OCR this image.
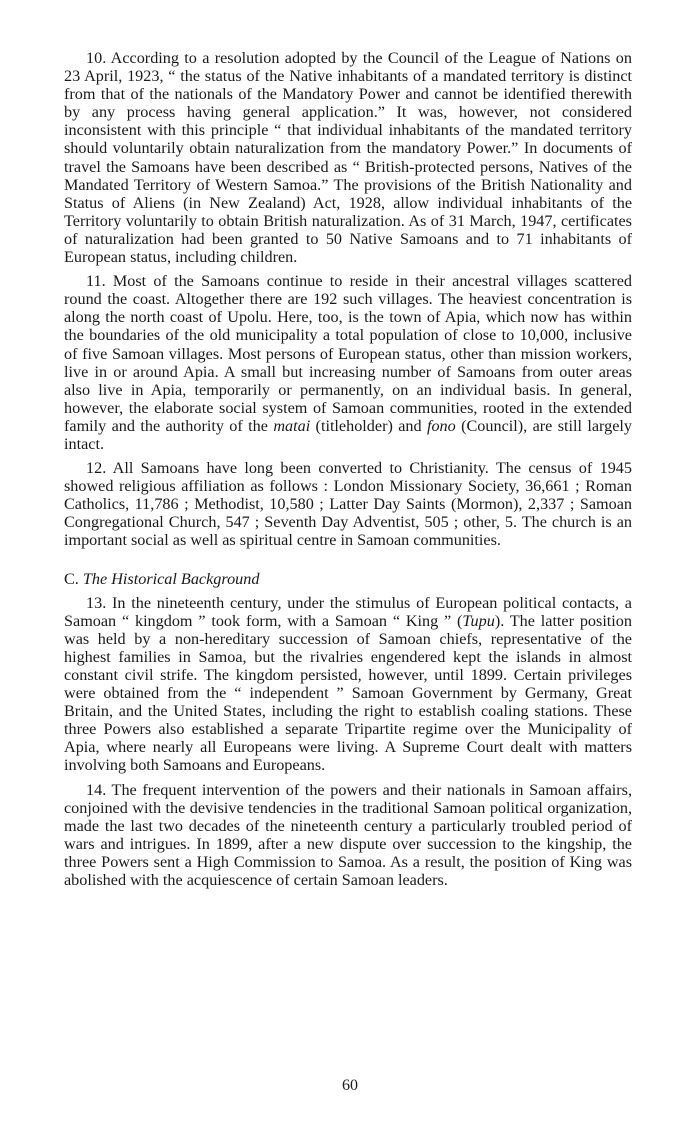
10. According to a resolution adopted by the Council of the League of Nations on 23 April, 1923, “ the status of the Native inhabitants of a mandated territory is distinct from that of the nationals of the Mandatory Power and cannot be identified therewith by any process having general application.” It was, however, not considered inconsistent with this principle “ that individual inhabitants of the mandated territory should voluntarily obtain naturalization from the mandatory Power.” In documents of travel the Samoans have been described as “ British-protected persons, Natives of the Mandated Territory of Western Samoa.” The provisions of the British Nationality and Status of Aliens (in New Zealand) Act, 1928, allow individual inhabitants of the Territory voluntarily to obtain British naturalization. As of 31 March, 1947, certificates of naturalization had been granted to 50 Native Samoans and to 71 inhabitants of European status, including children.

11. Most of the Samoans continue to reside in their ancestral villages scattered round the coast. Altogether there are 192 such villages. The heaviest concentration is along the north coast of Upolu. Here, too, is the town of Apia, which now has within the boundaries of the old municipality a total population of close to 10,000, inclusive of five Samoan villages. Most persons of European status, other than mission workers, live in or around Apia. A small but increasing number of Samoans from outer areas also live in Apia, temporarily or permanently, on an individual basis. In general, however, the elaborate social system of Samoan communities, rooted in the extended family and the authority of the matai (titleholder) and fono (Council), are still largely intact.

12. All Samoans have long been converted to Christianity. The census of 1945 showed religious affiliation as follows : London Missionary Society, 36,661 ; Roman Catholics, 11,786 ; Methodist, 10,580 ; Latter Day Saints (Mormon), 2,337 ; Samoan Congregational Church, 547 ; Seventh Day Adventist, 505 ; other, 5. The church is an important social as well as spiritual centre in Samoan communities.

C. The Historical Background

13. In the nineteenth century, under the stimulus of European political contacts, a Samoan “ kingdom ” took form, with a Samoan “ King ” (Tupu). The latter position was held by a non-hereditary succession of Samoan chiefs, representative of the highest families in Samoa, but the rivalries engendered kept the islands in almost constant civil strife. The kingdom persisted, however, until 1899. Certain privileges were obtained from the “ independent ” Samoan Government by Germany, Great Britain, and the United States, including the right to establish coaling stations. These three Powers also established a separate Tripartite regime over the Municipality of Apia, where nearly all Europeans were living. A Supreme Court dealt with matters involving both Samoans and Europeans.

14. The frequent intervention of the powers and their nationals in Samoan affairs, conjoined with the devisive tendencies in the traditional Samoan political organization, made the last two decades of the nineteenth century a particularly troubled period of wars and intrigues. In 1899, after a new dispute over succession to the kingship, the three Powers sent a High Commission to Samoa. As a result, the position of King was abolished with the acquiescence of certain Samoan leaders.

60
